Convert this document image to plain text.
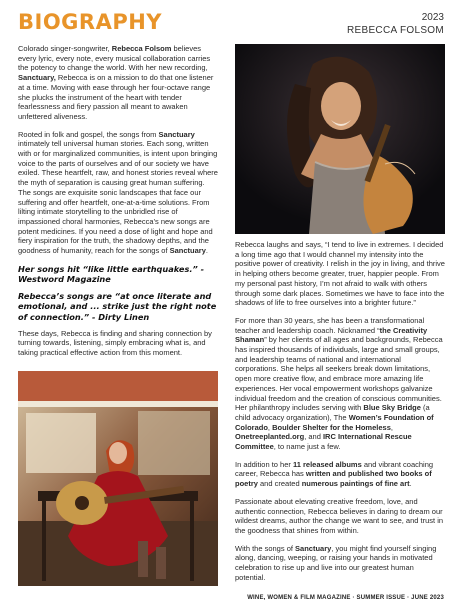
BIOGRAPHY	2023
REBECCA FOLSOM

Colorado singer-songwriter, Rebecca Folsom believes every lyric, every note, every musical collaboration carries the potency to change the world. With her new recording, Sanctuary, Rebecca is on a mission to do that one listener at a time. Moving with ease through her four-octave range she plucks the instrument of the heart with tender fearlessness and fiery passion all meant to awaken unfettered aliveness.

Rooted in folk and gospel, the songs from Sanctuary intimately tell universal human stories. Each song, written with or for marginalized communities, is intent upon bringing voice to the parts of ourselves and of our society we have exiled. These heartfelt, raw, and honest stories reveal where the myth of separation is causing great human suffering. The songs are exquisite sonic landscapes that face our suffering and offer heartfelt, one-at-a-time solutions. From lilting intimate storytelling to the unbridled rise of impassioned choral harmonies, Rebecca’s new songs are potent medicines. If you need a dose of light and hope and fiery inspiration for the truth, the shadowy depths, and the goodness of humanity, reach for the songs of Sanctuary.

Her songs hit “like little earthquakes.” - Westword Magazine
Rebecca’s songs are “at once literate and emotional, and ... strike just the right note of connection.” - Dirty Linen

These days, Rebecca is finding and sharing connection by turning towards, listening, simply embracing what is, and taking practical effective action from this moment.

Rebecca laughs and says, “I tend to live in extremes. I decided a long time ago that I would channel my intensity into the positive power of creativity. I relish in the joy in living, and thrive in helping others become greater, truer, happier people. From my personal past history, I’m not afraid to walk with others through some dark places. Sometimes we have to face into the shadows of life to free ourselves into a brighter future.”

For more than 30 years, she has been a transformational teacher and leadership coach. Nicknamed “the Creativity Shaman” by her clients of all ages and backgrounds, Rebecca has inspired thousands of individuals, large and small groups, and leadership teams of national and international corporations. She helps all seekers break down limitations, open more creative flow, and embrace more amazing life experiences. Her vocal empowerment workshops galvanize individual freedom and the creation of conscious communities. Her philanthropy includes serving with Blue Sky Bridge (a child advocacy organization), The Women’s Foundation of Colorado, Boulder Shelter for the Homeless, Onetreeplanted.org, and IRC International Rescue Committee, to name just a few.

In addition to her 11 released albums and vibrant coaching career, Rebecca has written and published two books of poetry and created numerous paintings of fine art.

Passionate about elevating creative freedom, love, and authentic connection, Rebecca believes in daring to dream our wildest dreams, author the change we want to see, and trust in the goodness that shines from within.

With the songs of Sanctuary, you might find yourself singing along, dancing, weeping, or raising your hands in motivated celebration to rise up and live into our greatest human potential.

WINE, WOMEN & FILM MAGAZINE · SUMMER ISSUE · JUNE 2023
